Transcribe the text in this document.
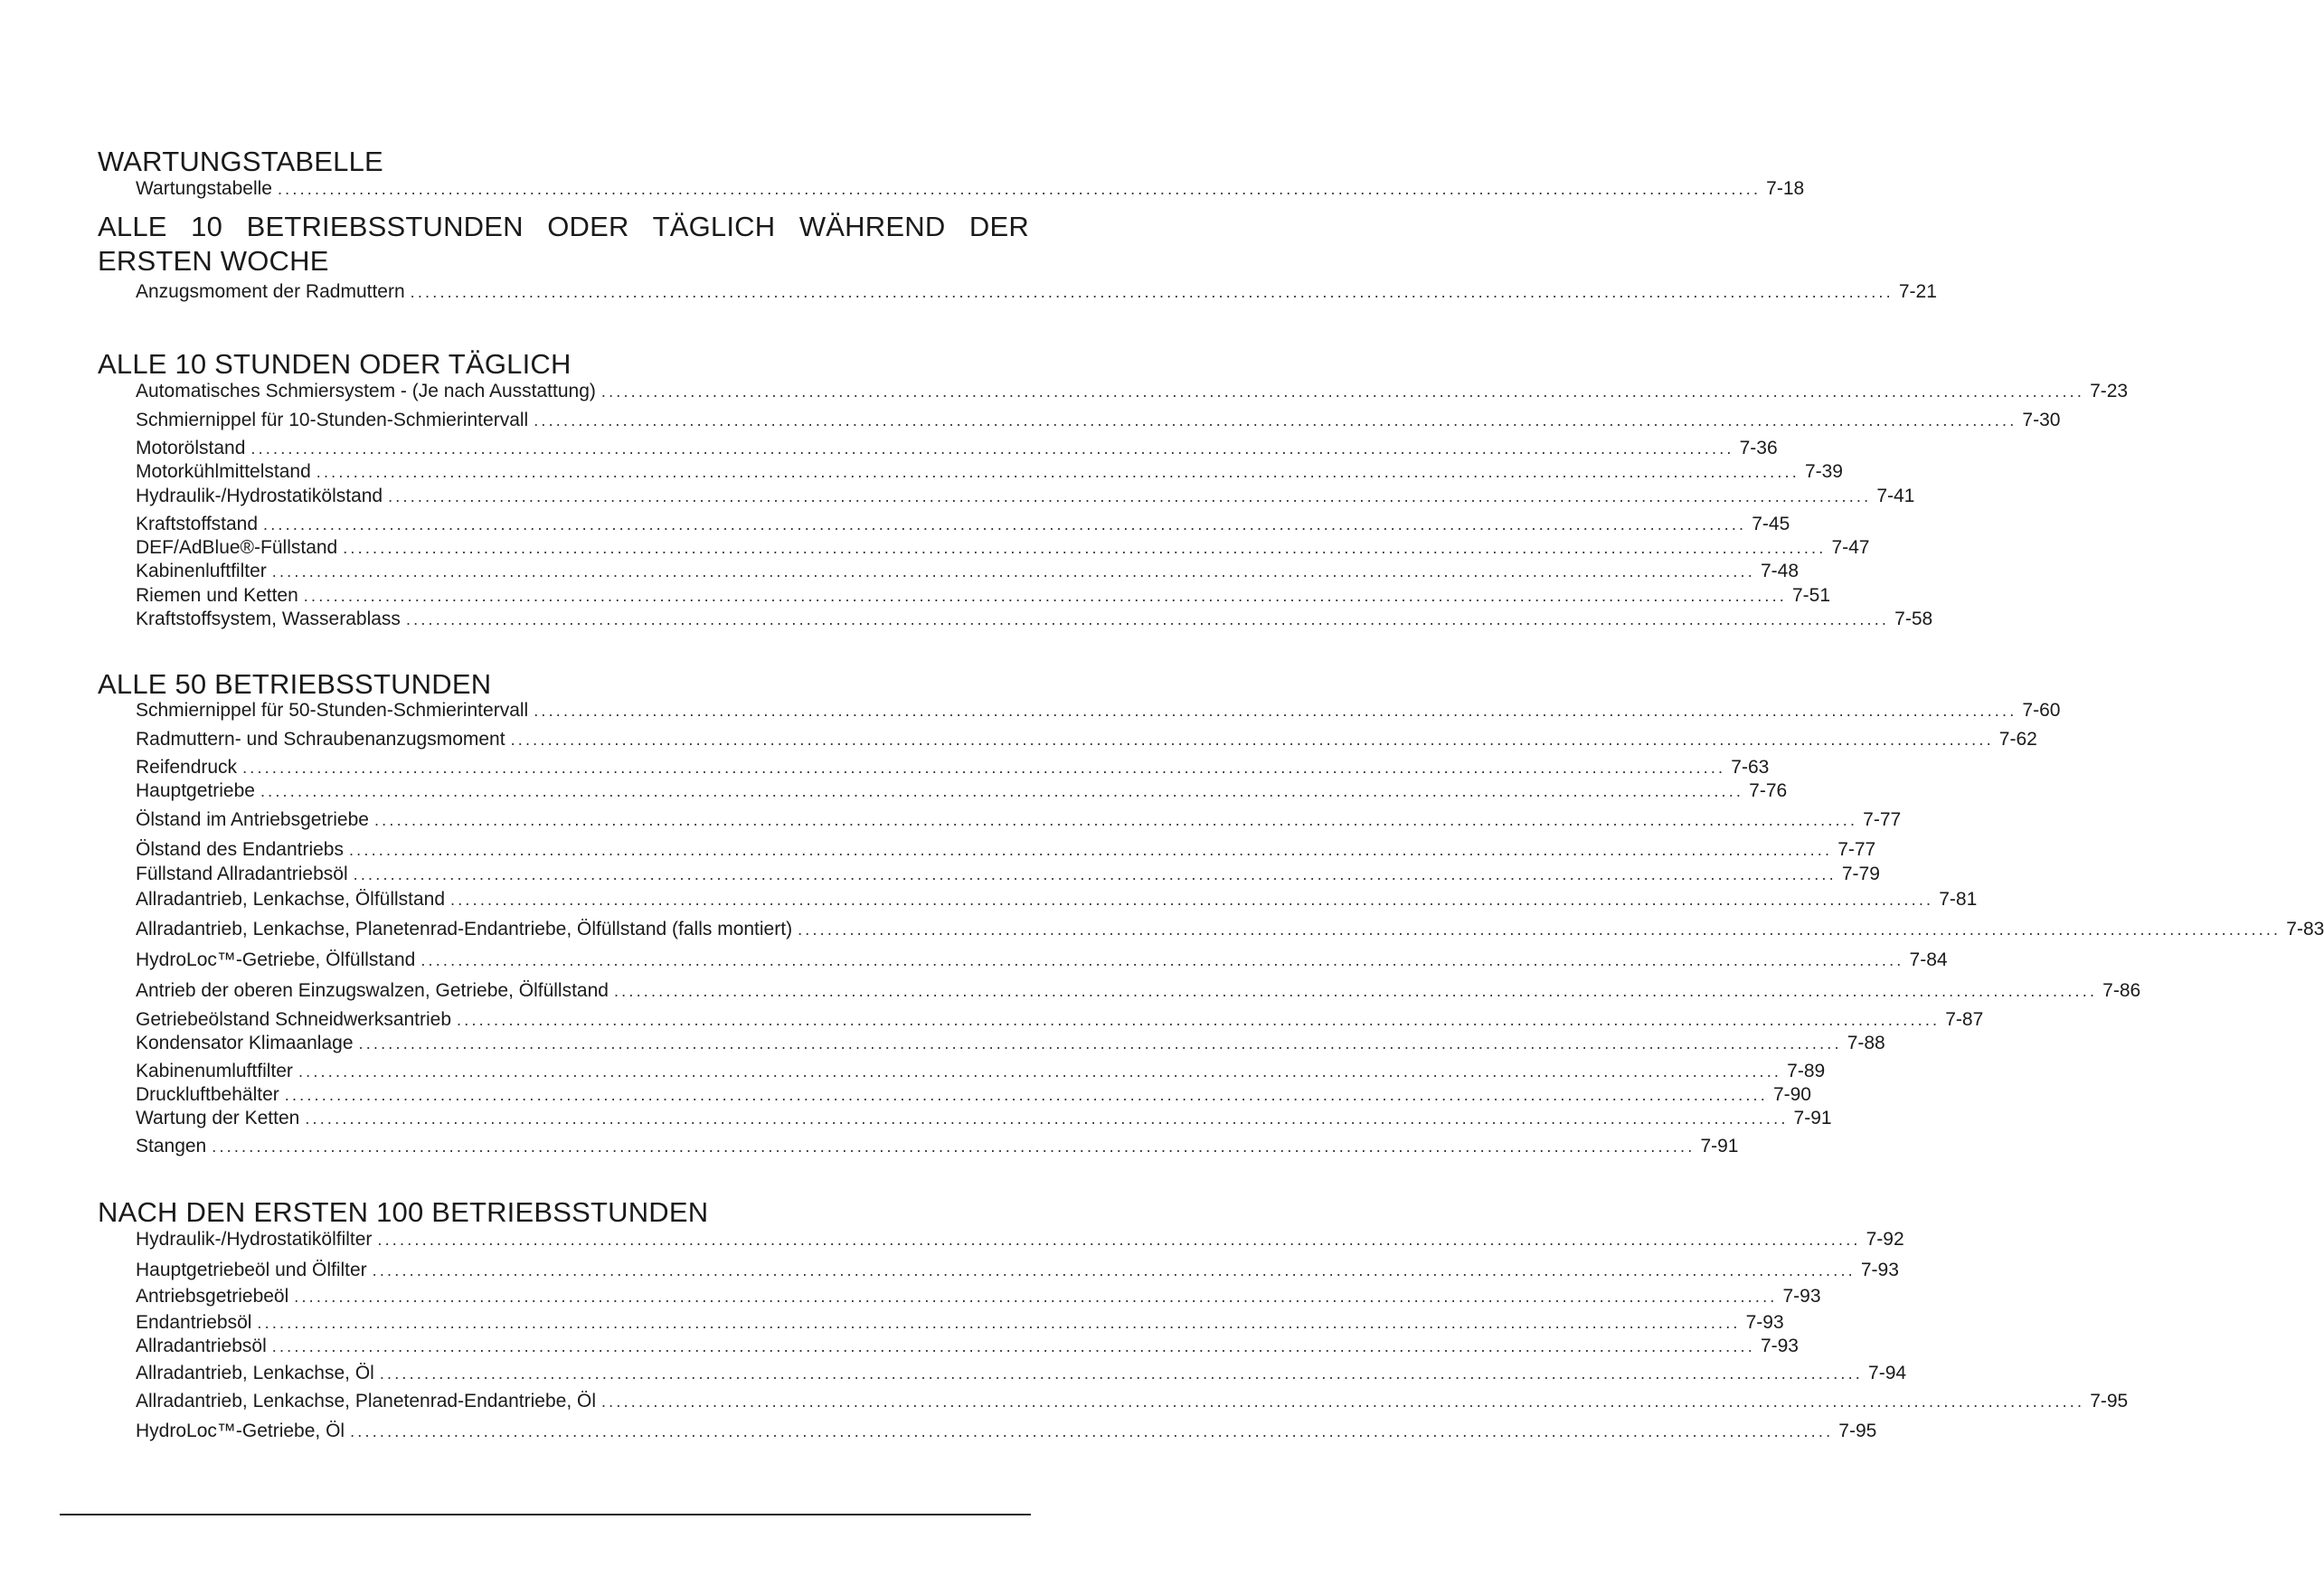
WARTUNGSTABELLE
Wartungstabelle ........................................................................................................................................................................................................ 7-18
ALLE 10 BETRIEBSSTUNDEN ODER TÄGLICH WÄHREND DER ERSTEN WOCHE
Anzugsmoment der Radmuttern ........................................................................................................................................................................................................ 7-21
ALLE 10 STUNDEN ODER TÄGLICH
Automatisches Schmiersystem - (Je nach Ausstattung) ........................................................................................................................................................................................................ 7-23
Schmiernippel für 10-Stunden-Schmierintervall ........................................................................................................................................................................................................ 7-30
Motorölstand ........................................................................................................................................................................................................ 7-36
Motorkühlmittelstand ........................................................................................................................................................................................................ 7-39
Hydraulik-/Hydrostatikölstand ........................................................................................................................................................................................................ 7-41
Kraftstoffstand ........................................................................................................................................................................................................ 7-45
DEF/AdBlue®-Füllstand ........................................................................................................................................................................................................ 7-47
Kabinenluftfilter ........................................................................................................................................................................................................ 7-48
Riemen und Ketten ........................................................................................................................................................................................................ 7-51
Kraftstoffsystem, Wasserablass ........................................................................................................................................................................................................ 7-58
ALLE 50 BETRIEBSSTUNDEN
Schmiernippel für 50-Stunden-Schmierintervall ........................................................................................................................................................................................................ 7-60
Radmuttern- und Schraubenanzugsmoment ........................................................................................................................................................................................................ 7-62
Reifendruck ........................................................................................................................................................................................................ 7-63
Hauptgetriebe ........................................................................................................................................................................................................ 7-76
Ölstand im Antriebsgetriebe ........................................................................................................................................................................................................ 7-77
Ölstand des Endantriebs ........................................................................................................................................................................................................ 7-77
Füllstand Allradantriebsöl ........................................................................................................................................................................................................ 7-79
Allradantrieb, Lenkachse, Ölfüllstand ........................................................................................................................................................................................................ 7-81
Allradantrieb, Lenkachse, Planetenrad-Endantriebe, Ölfüllstand (falls montiert) ........................................................................................................................................................................................................ 7-83
HydroLoc™-Getriebe, Ölfüllstand ........................................................................................................................................................................................................ 7-84
Antrieb der oberen Einzugswalzen, Getriebe, Ölfüllstand ........................................................................................................................................................................................................ 7-86
Getriebeölstand Schneidwerksantrieb ........................................................................................................................................................................................................ 7-87
Kondensator Klimaanlage ........................................................................................................................................................................................................ 7-88
Kabinenumluftfilter ........................................................................................................................................................................................................ 7-89
Druckluftbehälter ........................................................................................................................................................................................................ 7-90
Wartung der Ketten ........................................................................................................................................................................................................ 7-91
Stangen ........................................................................................................................................................................................................ 7-91
NACH DEN ERSTEN 100 BETRIEBSSTUNDEN
Hydraulik-/Hydrostatikölfilter ........................................................................................................................................................................................................ 7-92
Hauptgetriebeöl und Ölfilter ........................................................................................................................................................................................................ 7-93
Antriebsgetriebeöl ........................................................................................................................................................................................................ 7-93
Endantriebsöl ........................................................................................................................................................................................................ 7-93
Allradantriebsöl ........................................................................................................................................................................................................ 7-93
Allradantrieb, Lenkachse, Öl ........................................................................................................................................................................................................ 7-94
Allradantrieb, Lenkachse, Planetenrad-Endantriebe, Öl ........................................................................................................................................................................................................ 7-95
HydroLoc™-Getriebe, Öl ........................................................................................................................................................................................................ 7-95
